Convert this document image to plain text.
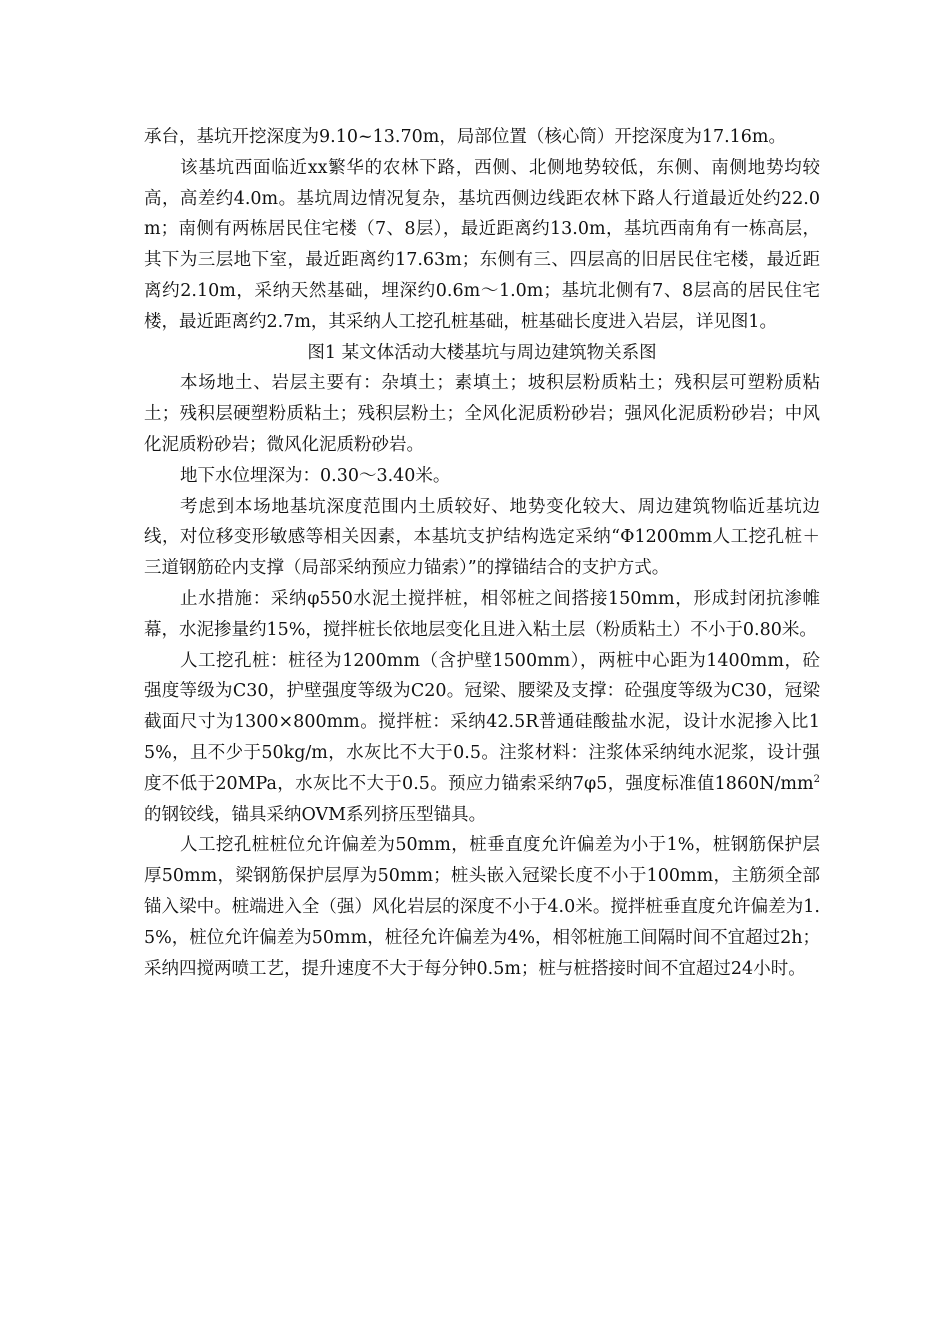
承台，基坑开挖深度为9.10~13.70m，局部位置（核心筒）开挖深度为17.16m。

该基坑西面临近xx繁华的农林下路，西侧、北侧地势较低，东侧、南侧地势均较高，高差约4.0m。基坑周边情况复杂，基坑西侧边线距农林下路人行道最近处约22.0m；南侧有两栋居民住宅楼（7、8层），最近距离约13.0m，基坑西南角有一栋高层，其下为三层地下室，最近距离约17.63m；东侧有三、四层高的旧居民住宅楼，最近距离约2.10m，采纳天然基础，埋深约0.6m～1.0m；基坑北侧有7、8层高的居民住宅楼，最近距离约2.7m，其采纳人工挖孔桩基础，桩基础长度进入岩层，详见图1。

图1 某文体活动大楼基坑与周边建筑物关系图

本场地土、岩层主要有：杂填土；素填土；坡积层粉质粘土；残积层可塑粉质粘土；残积层硬塑粉质粘土；残积层粉土；全风化泥质粉砂岩；强风化泥质粉砂岩；中风化泥质粉砂岩；微风化泥质粉砂岩。

地下水位埋深为：0.30～3.40米。

考虑到本场地基坑深度范围内土质较好、地势变化较大、周边建筑物临近基坑边线，对位移变形敏感等相关因素，本基坑支护结构选定采纳“Φ1200mm人工挖孔桩＋三道钢筋砼内支撑（局部采纳预应力锚索）”的撑锚结合的支护方式。

止水措施：采纳φ550水泥土搅拌桩，相邻桩之间搭接150mm，形成封闭抗渗帷幕，水泥掺量约15%，搅拌桩长依地层变化且进入粘土层（粉质粘土）不小于0.80米。

人工挖孔桩：桩径为1200mm（含护壁1500mm），两桩中心距为1400mm，砼强度等级为C30，护壁强度等级为C20。冠梁、腰梁及支撑：砼强度等级为C30，冠梁截面尺寸为1300×800mm。搅拌桩：采纳42.5R普通硅酸盐水泥，设计水泥掺入比15%，且不少于50kg/m，水灰比不大于0.5。注浆材料：注浆体采纳纯水泥浆，设计强度不低于20MPa，水灰比不大于0.5。预应力锚索采纳7φ5，强度标准值$1860N/mm^2$的钢铰线，锚具采纳OVM系列挤压型锚具。

人工挖孔桩桩位允许偏差为50mm，桩垂直度允许偏差为小于1%，桩钢筋保护层厚50mm，梁钢筋保护层厚为50mm；桩头嵌入冠梁长度不小于100mm，主筋须全部锚入梁中。桩端进入全（强）风化岩层的深度不小于4.0米。搅拌桩垂直度允许偏差为1.5%，桩位允许偏差为50mm，桩径允许偏差为4%，相邻桩施工间隔时间不宜超过2h；采纳四搅两喷工艺，提升速度不大于每分钟0.5m；桩与桩搭接时间不宜超过24小时。
